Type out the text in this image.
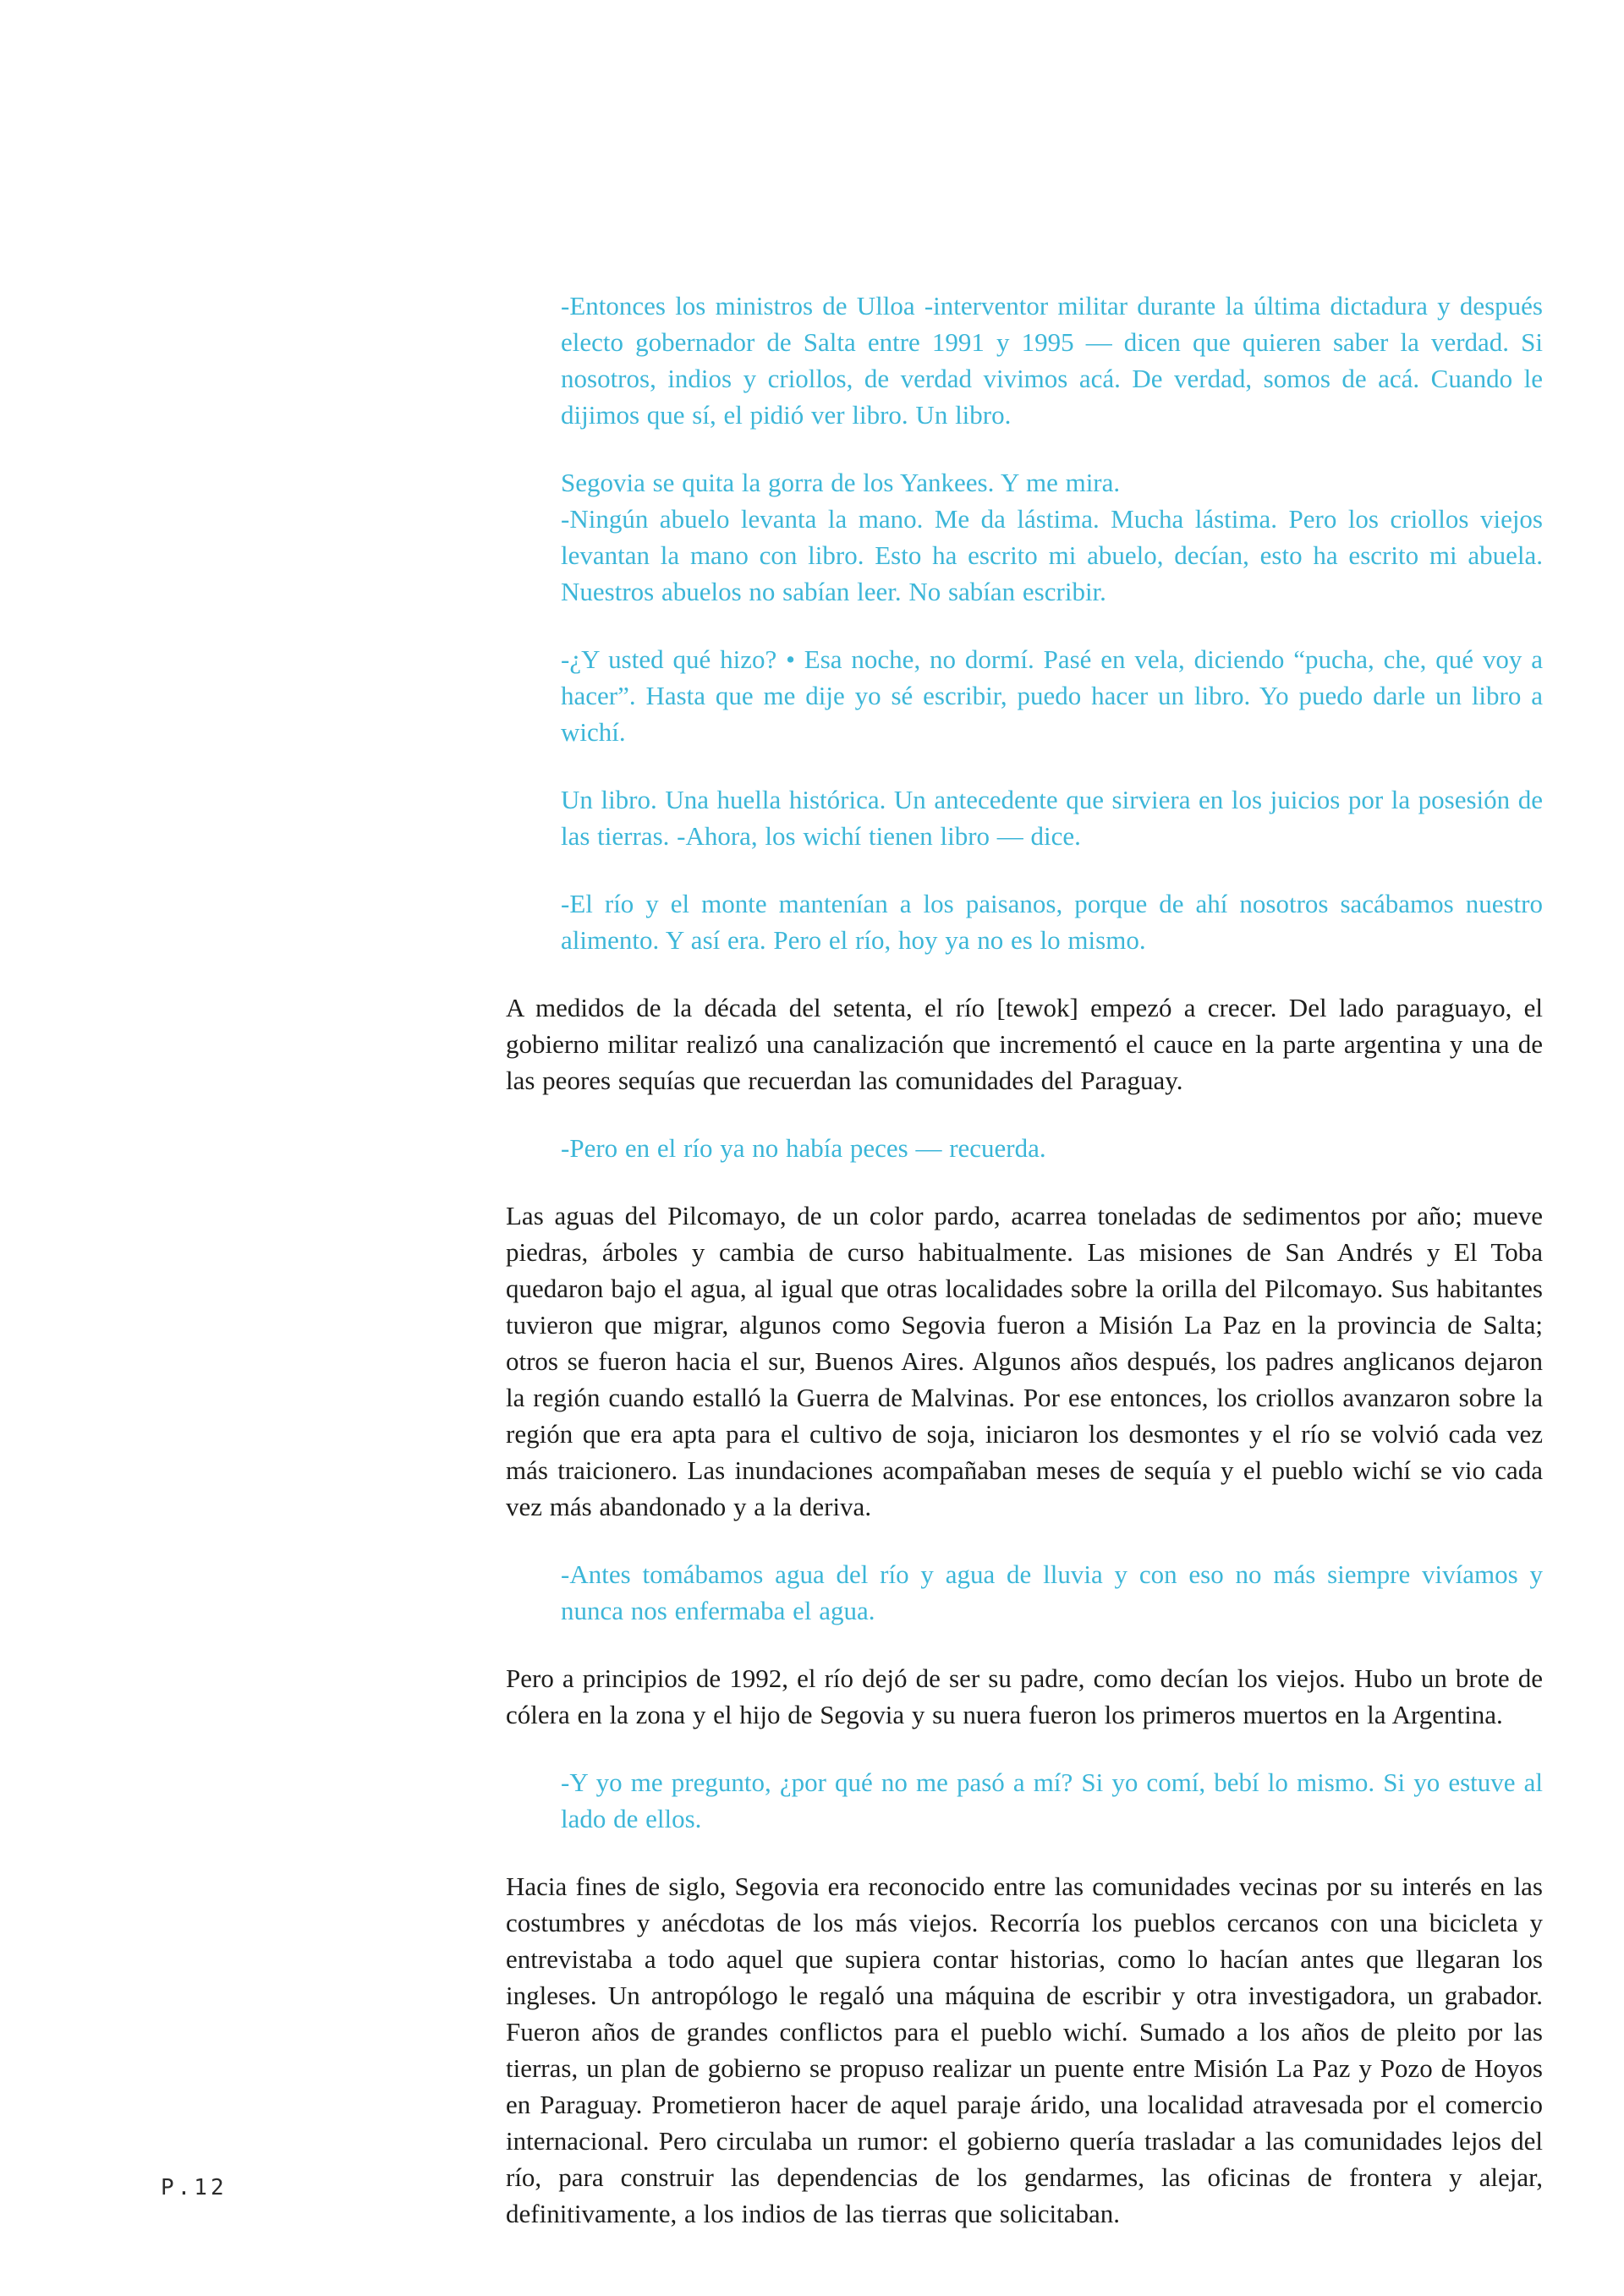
-Entonces los ministros de Ulloa -interventor militar durante la última dictadura y después electo gobernador de Salta entre 1991 y 1995 — dicen que quieren saber la verdad. Si nosotros, indios y criollos, de verdad vivimos acá. De verdad, somos de acá. Cuando le dijimos que sí, el pidió ver libro. Un libro.

Segovia se quita la gorra de los Yankees. Y me mira.

-Ningún abuelo levanta la mano. Me da lástima. Mucha lástima. Pero los criollos viejos levantan la mano con libro. Esto ha escrito mi abuelo, decían, esto ha escrito mi abuela. Nuestros abuelos no sabían leer. No sabían escribir.

-¿Y usted qué hizo? • Esa noche, no dormí. Pasé en vela, diciendo “pucha, che, qué voy a hacer”. Hasta que me dije yo sé escribir, puedo hacer un libro. Yo puedo darle un libro a wichí.

Un libro. Una huella histórica. Un antecedente que sirviera en los juicios por la posesión de las tierras. -Ahora, los wichí tienen libro — dice.

-El río y el monte mantenían a los paisanos, porque de ahí nosotros sacábamos nuestro alimento. Y así era. Pero el río, hoy ya no es lo mismo.

A medidos de la década del setenta, el río [tewok] empezó a crecer. Del lado paraguayo, el gobierno militar realizó una canalización que incrementó el cauce en la parte argentina y una de las peores sequías que recuerdan las comunidades del Paraguay.

-Pero en el río ya no había peces — recuerda.

Las aguas del Pilcomayo, de un color pardo, acarrea toneladas de sedimentos por año; mueve piedras, árboles y cambia de curso habitualmente. Las misiones de San Andrés y El Toba quedaron bajo el agua, al igual que otras localidades sobre la orilla del Pilcomayo. Sus habitantes tuvieron que migrar, algunos como Segovia fueron a Misión La Paz en la provincia de Salta; otros se fueron hacia el sur, Buenos Aires. Algunos años después, los padres anglicanos dejaron la región cuando estalló la Guerra de Malvinas. Por ese entonces, los criollos avanzaron sobre la región que era apta para el cultivo de soja, iniciaron los desmontes y el río se volvió cada vez más traicionero. Las inundaciones acompañaban meses de sequía y el pueblo wichí se vio cada vez más abandonado y a la deriva.

-Antes tomábamos agua del río y agua de lluvia y con eso no más siempre vivíamos y nunca nos enfermaba el agua.

Pero a principios de 1992, el río dejó de ser su padre, como decían los viejos. Hubo un brote de cólera en la zona y el hijo de Segovia y su nuera fueron los primeros muertos en la Argentina.

-Y yo me pregunto, ¿por qué no me pasó a mí? Si yo comí, bebí lo mismo. Si yo estuve al lado de ellos.

Hacia fines de siglo, Segovia era reconocido entre las comunidades vecinas por su interés en las costumbres y anécdotas de los más viejos. Recorría los pueblos cercanos con una bicicleta y entrevistaba a todo aquel que supiera contar historias, como lo hacían antes que llegaran los ingleses. Un antropólogo le regaló una máquina de escribir y otra investigadora, un grabador. Fueron años de grandes conflictos para el pueblo wichí. Sumado a los años de pleito por las tierras, un plan de gobierno se propuso realizar un puente entre Misión La Paz y Pozo de Hoyos en Paraguay. Prometieron hacer de aquel paraje árido, una localidad atravesada por el comercio internacional. Pero circulaba un rumor: el gobierno quería trasladar a las comunidades lejos del río, para construir las dependencias de los gendarmes, las oficinas de frontera y alejar, definitivamente, a los indios de las tierras que solicitaban.

P.12
